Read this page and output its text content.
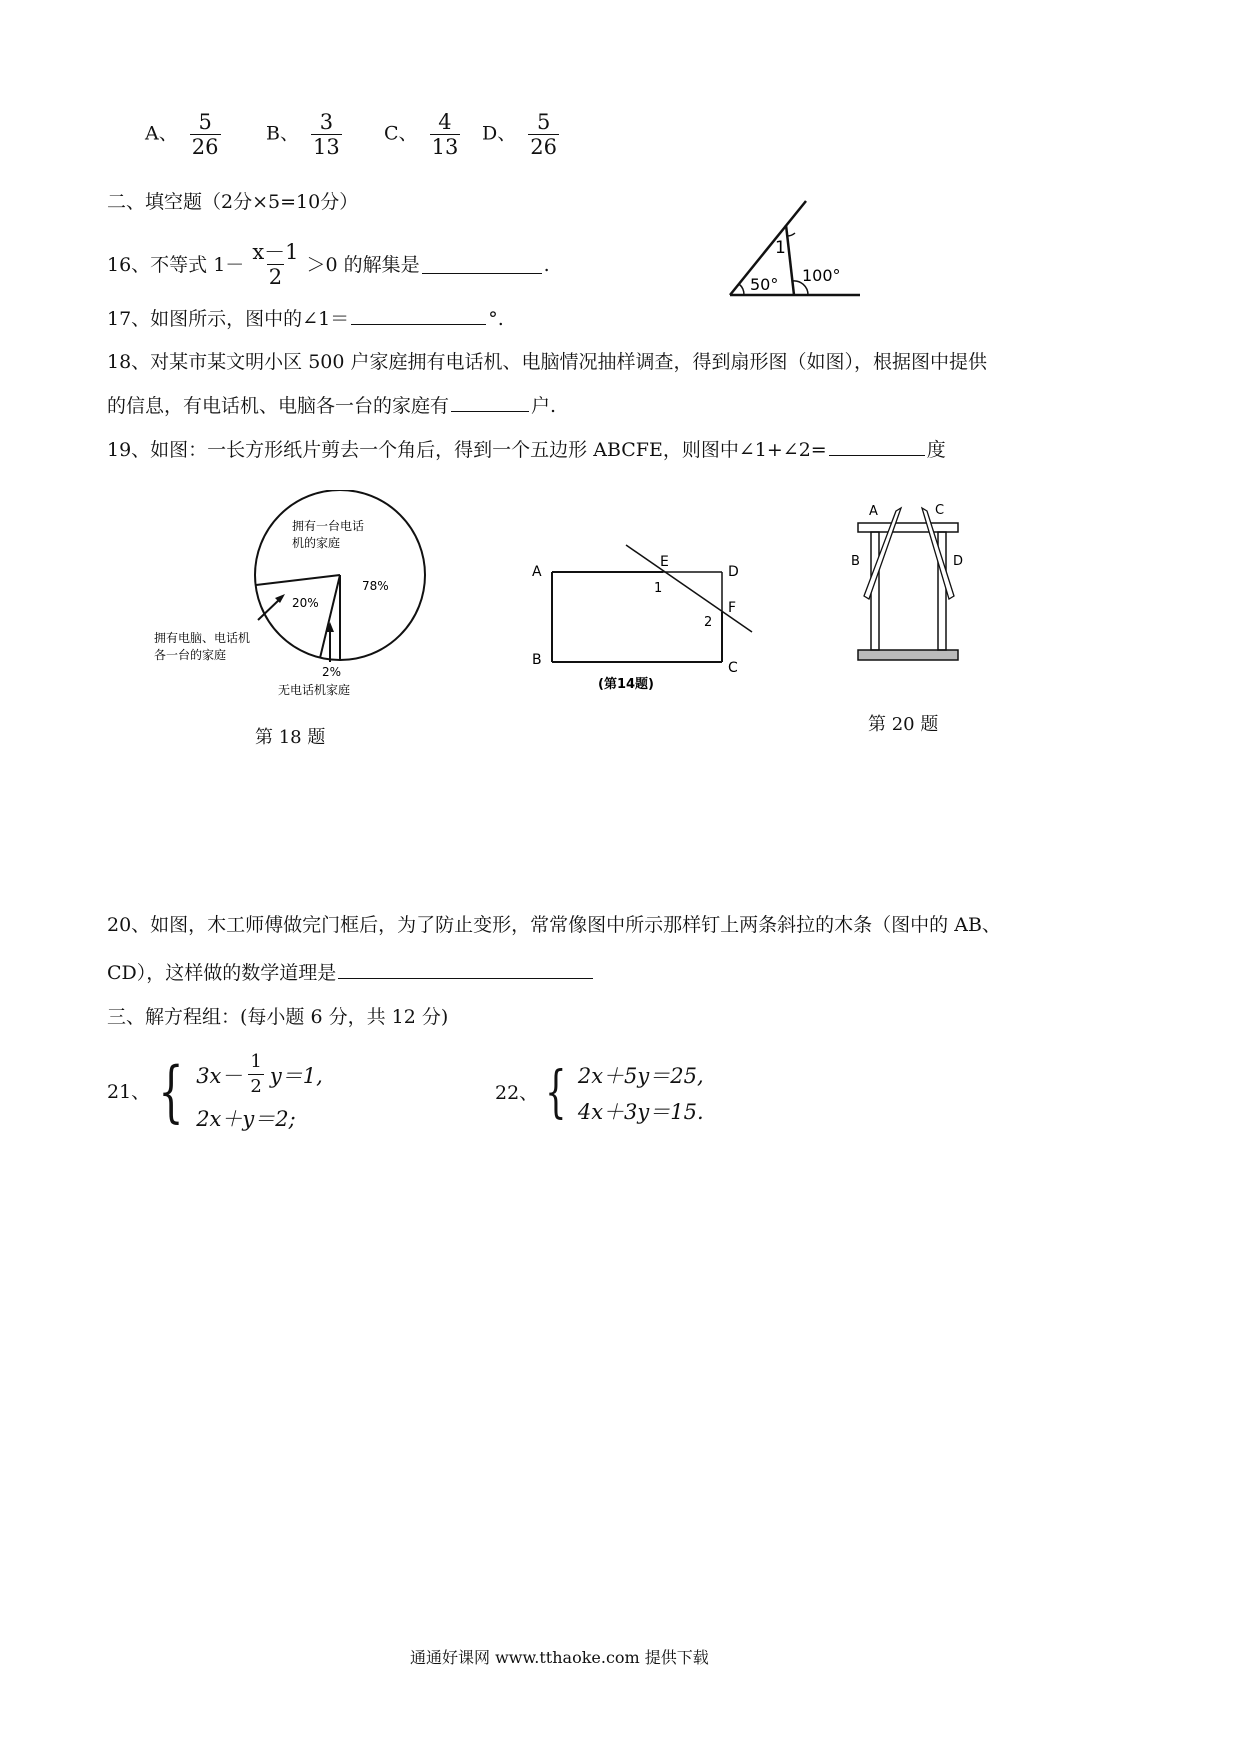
A、 $\frac{5}{26}$ B、 $\frac{3}{13}$ C、 $\frac{4}{13}$ D、 $\frac{5}{26}$
二、填空题（2分×5=10分）
16、不等式 $1- \frac{x-1}{2} >0$ 的解集是	.
1
50° 100°
17、如图所示，图中的∠1＝	°.
18、对某市某文明小区 500 户家庭拥有电话机、电脑情况抽样调查，得到扇形图（如图），根据图中提供
的信息，有电话机、电脑各一台的家庭有	户.
19、如图：一长方形纸片剪去一个角后，得到一个五边形 ABCFE，则图中∠1+∠2=	度
拥有一台电话
机的家庭
78%
20%
拥有电脑、电话机
各一台的家庭
2%
无电话机家庭
第 18 题
A
B	C
D
E
F
1
2
(第14题)
A	C
B	D
第 20 题
20、如图，木工师傅做完门框后，为了防止变形，常常像图中所示那样钉上两条斜拉的木条（图中的 AB、
CD），这样做的数学道理是
三、解方程组：(每小题 6 分，共 12 分)
21、 { $3x- \frac{1}{2} y=1$,
2x＋y＝2;
22、 { 2x＋5y＝25,
4x＋3y＝15.
通通好课网 www.tthaoke.com 提供下载
